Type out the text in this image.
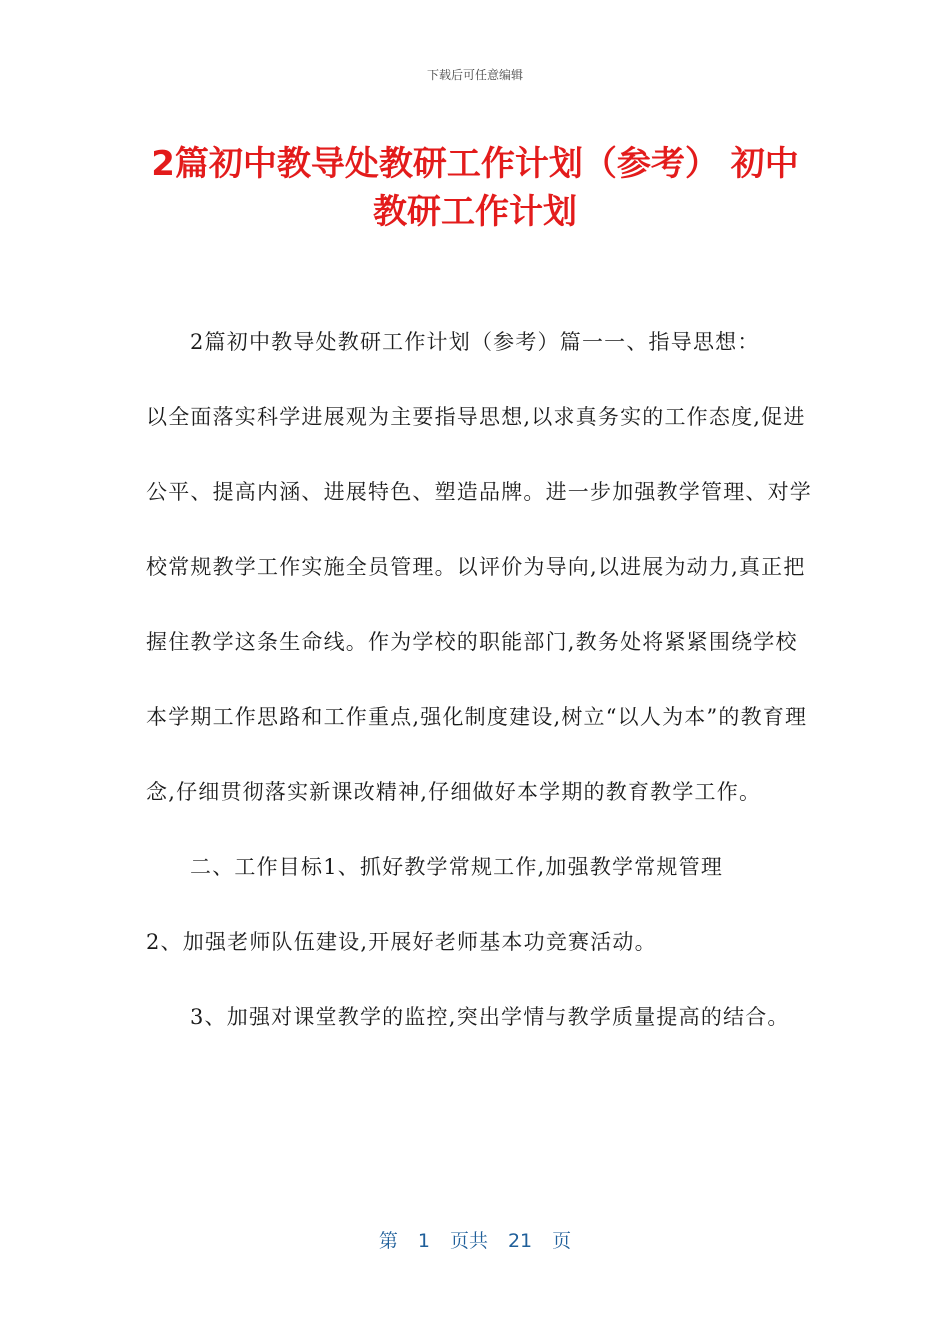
下载后可任意编辑
2篇初中教导处教研工作计划（参考） 初中教研工作计划

2篇初中教导处教研工作计划（参考）篇一一、指导思想：

以全面落实科学进展观为主要指导思想,以求真务实的工作态度,促进公平、提高内涵、进展特色、塑造品牌。进一步加强教学管理、对学校常规教学工作实施全员管理。以评价为导向,以进展为动力,真正把握住教学这条生命线。作为学校的职能部门,教务处将紧紧围绕学校本学期工作思路和工作重点,强化制度建设,树立“以人为本”的教育理念,仔细贯彻落实新课改精神,仔细做好本学期的教育教学工作。

二、工作目标1、抓好教学常规工作,加强教学常规管理

2、加强老师队伍建设,开展好老师基本功竞赛活动。

3、加强对课堂教学的监控,突出学情与教学质量提高的结合。

第 1 页共 21 页
